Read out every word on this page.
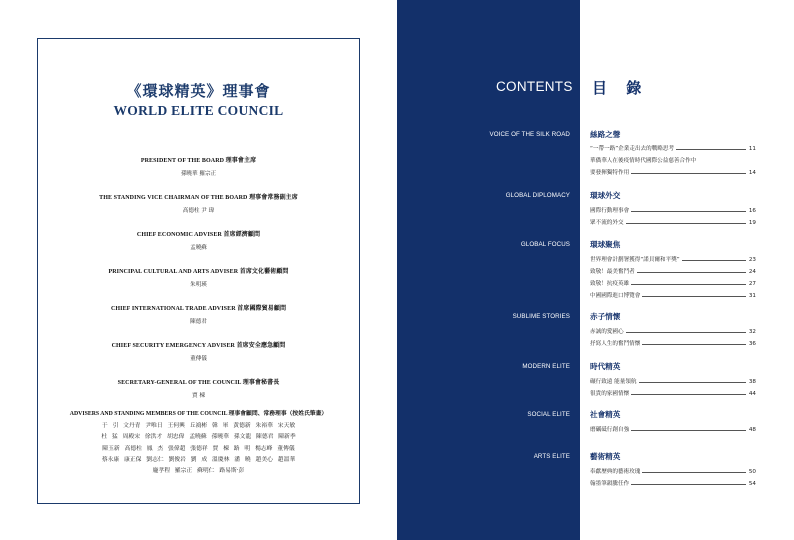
《環球精英》理事會
WORLD ELITE COUNCIL
PRESIDENT OF THE BOARD 理事會主席
孫曉華 羅宗正
THE STANDING VICE CHAIRMAN OF THE BOARD 理事會常務副主席
高德柱 尹 瑋
CHIEF ECONOMIC ADVISER 首席經濟顧問
孟曉蘇
PRINCIPAL CULTURAL AND ARTS ADVISER 首席文化藝術顧問
朱明瑛
CHIEF INTERNATIONAL TRADE ADVISER 首席國際貿易顧問
陳德君
CHIEF SECURITY EMERGENCY ADVISER 首席安全應急顧問
董傳儀
SECRETARY-GENERAL OF THE COUNCIL 理事會秘書長
賈 棟
ADVISERS AND STANDING MEMBERS OF THE COUNCIL 理事會顧問、常務理事（按姓氏筆畫）
于 引 文丹青 尹唯日 王何興 丘鴻彬 韓 軍 黃德新 朱裕華 宋天敏
杜 猛 周殿宋 徐洪才 胡忠偉 孟曉蘇 孫曉華 孫文龍 陳德君 陳新季
陳玉新 高德柱 鳳 杰 張偉超 張德祥 賈 棟 路 明 楊志峰 董傳儀
蔡永康 康正保 劉志仁 劉俊岩 劉 成 溫慶林 潘 曉 趙美心 趙溫華
龐孝程 羅宗正 蘇明仁 路易斯·彭
CONTENTS 目 錄
VOICE OF THE SILK ROAD	絲路之聲
“一帶一路”企業走出去的戰略思考	11
華僑華人在後疫情時代國際公益慈善合作中
要發揮獨特作用	14
GLOBAL DIPLOMACY	環球外交
國際行動理事會	16
眾不流的外交	19
GLOBAL FOCUS	環球聚焦
世界理會計劃署獲得“諾貝爾和平獎”	23
致敬！最美奮鬥者	24
致敬！抗疫英雄	27
中國國際進口博覽會	31
SUBLIME STORIES	赤子情懷
赤誠的愛國心	32
抒寫人生的奮鬥情懷	36
MODERN ELITE	時代精英
碾行致遠 能量領航	38
很貴的家國情懷	44
SOCIAL ELITE	社會精英
磨礪砥行創自強	48
ARTS ELITE	藝術精英
奉獻歷典的藝術玫瑰	50
翰墨筆韻騰任作	54
